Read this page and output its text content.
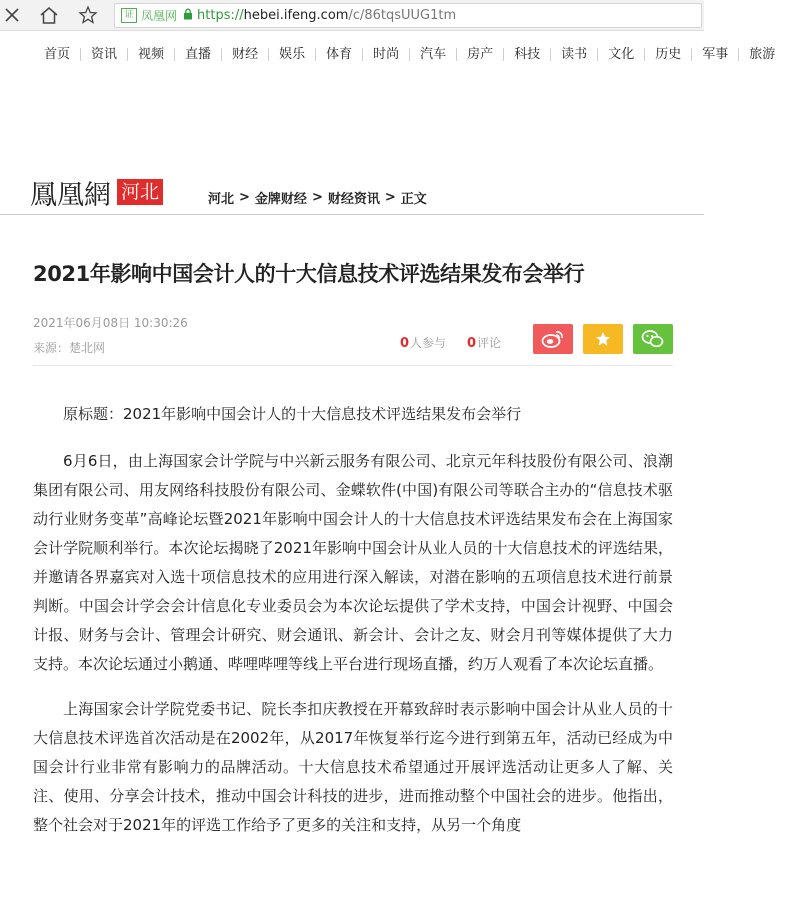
证 凤凰网 https:// hebei.ifeng.com /c/86tqsUUG1tm
首页	资讯	视频	直播	财经	娱乐	体育	时尚	汽车	房产	科技	读书	文化	历史	军事	旅游
鳳凰網 河北	河北 > 金牌财经 > 财经资讯 > 正文
2021年影响中国会计人的十大信息技术评选结果发布会举行
2021年06月08日 10:30:26
来源：楚北网	0 人参与 0 评论

原标题：2021年影响中国会计人的十大信息技术评选结果发布会举行

6月6日，由上海国家会计学院与中兴新云服务有限公司、北京元年科技股份有限公司、浪潮集团有限公司、用友网络科技股份有限公司、金蝶软件(中国)有限公司等联合主办的“信息技术驱动行业财务变革”高峰论坛暨2021年影响中国会计人的十大信息技术评选结果发布会在上海国家会计学院顺利举行。本次论坛揭晓了2021年影响中国会计从业人员的十大信息技术的评选结果，并邀请各界嘉宾对入选十项信息技术的应用进行深入解读，对潜在影响的五项信息技术进行前景判断。中国会计学会会计信息化专业委员会为本次论坛提供了学术支持，中国会计视野、中国会计报、财务与会计、管理会计研究、财会通讯、新会计、会计之友、财会月刊等媒体提供了大力支持。本次论坛通过小鹅通、哔哩哔哩等线上平台进行现场直播，约万人观看了本次论坛直播。

上海国家会计学院党委书记、院长李扣庆教授在开幕致辞时表示影响中国会计从业人员的十大信息技术评选首次活动是在2002年，从2017年恢复举行迄今进行到第五年，活动已经成为中国会计行业非常有影响力的品牌活动。十大信息技术希望通过开展评选活动让更多人了解、关注、使用、分享会计技术，推动中国会计科技的进步，进而推动整个中国社会的进步。他指出，整个社会对于2021年的评选工作给予了更多的关注和支持，从另一个角度
